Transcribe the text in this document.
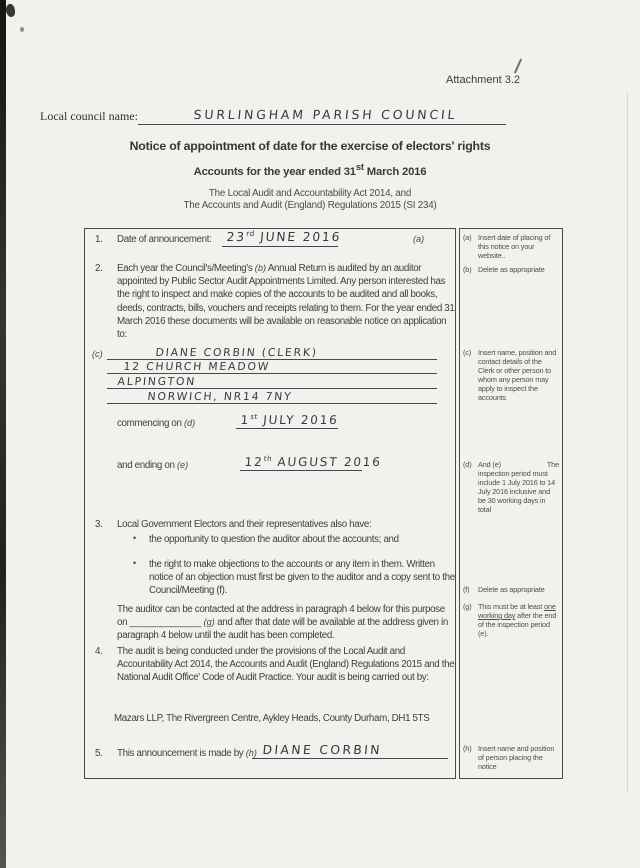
Attachment 3.2
Local council name:	SURLINGHAM PARISH COUNCIL
Notice of appointment of date for the exercise of electors' rights
Accounts for the year ended 31st March 2016
The Local Audit and Accountability Act 2014, and
The Accounts and Audit (England) Regulations 2015 (SI 234)
1. Date of announcement:	23rd JUNE 2016	(a)
2. Each year the Council's/Meeting's (b) Annual Return is audited by an auditor appointed by Public Sector Audit Appointments Limited. Any person interested has the right to inspect and make copies of the accounts to be audited and all books, deeds, contracts, bills, vouchers and receipts relating to them. For the year ended 31 March 2016 these documents will be available on reasonable notice on application to:
(c)	DIANE CORBIN (CLERK)
12 CHURCH MEADOW
ALPINGTON
NORWICH, NR14 7NY
commencing on (d)	1st JULY 2016
and ending on (e)	12th AUGUST 2016
3. Local Government Electors and their representatives also have:
• the opportunity to question the auditor about the accounts; and
• the right to make objections to the accounts or any item in them. Written notice of an objection must first be given to the auditor and a copy sent to the Council/Meeting (f).
The auditor can be contacted at the address in paragraph 4 below for this purpose on ______________ (g) and after that date will be available at the address given in paragraph 4 below until the audit has been completed.
4. The audit is being conducted under the provisions of the Local Audit and Accountability Act 2014, the Accounts and Audit (England) Regulations 2015 and the National Audit Office' Code of Audit Practice. Your audit is being carried out by:
Mazars LLP, The Rivergreen Centre, Aykley Heads, County Durham, DH1 5TS
5. This announcement is made by (h) DIANE CORBIN
(a) Insert date of placing of this notice on your website..
(b) Delete as appropriate
(c) Insert name, position and contact details of the Clerk or other person to whom any person may apply to inspect the accounts
(d) And (e)	The
inspection period must include 1 July 2016 to 14 July 2016 inclusive and be 30 working days in total
(f)	Delete as appropriate
(g) This must be at least one working day after the end of the inspection period (e).
(h) Insert name and position of person placing the notice
